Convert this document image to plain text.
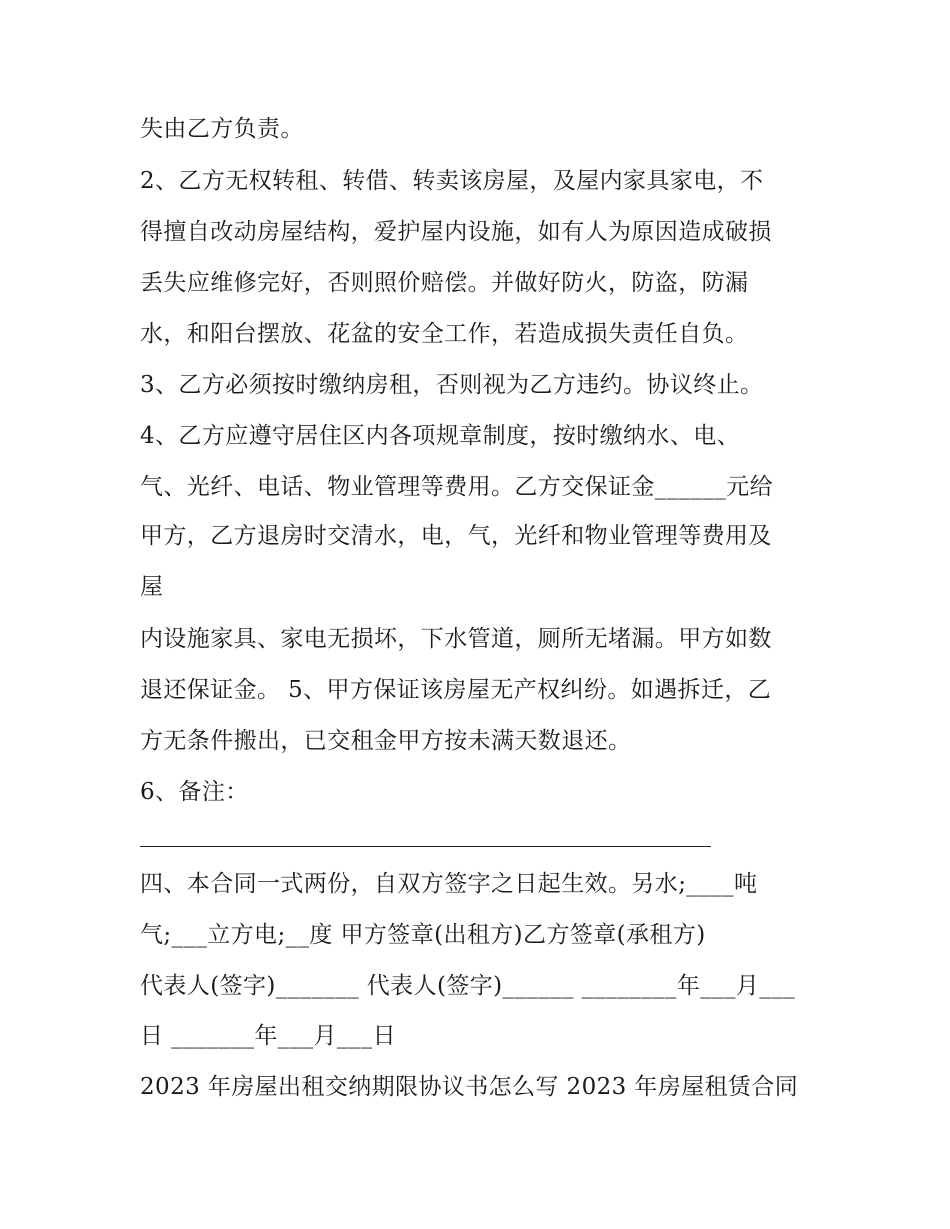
失由乙方负责。
2、乙方无权转租、转借、转卖该房屋，及屋内家具家电，不
得擅自改动房屋结构，爱护屋内设施，如有人为原因造成破损
丢失应维修完好，否则照价赔偿。并做好防火，防盗，防漏
水，和阳台摆放、花盆的安全工作，若造成损失责任自负。
3、乙方必须按时缴纳房租，否则视为乙方违约。协议终止。
4、乙方应遵守居住区内各项规章制度，按时缴纳水、电、
气、光纤、电话、物业管理等费用。乙方交保证金______元给
甲方，乙方退房时交清水，电，气，光纤和物业管理等费用及
屋
内设施家具、家电无损坏，下水管道，厕所无堵漏。甲方如数
退还保证金。 5、甲方保证该房屋无产权纠纷。如遇拆迁，乙
方无条件搬出，已交租金甲方按未满天数退还。
6、备注：
四、本合同一式两份，自双方签字之日起生效。另水;____吨
气;___立方电;__度 甲方签章(出租方)乙方签章(承租方)
代表人(签字)_______ 代表人(签字)______ ________年___月___
日 _______年___月___日
2023 年房屋出租交纳期限协议书怎么写 2023 年房屋租赁合同
